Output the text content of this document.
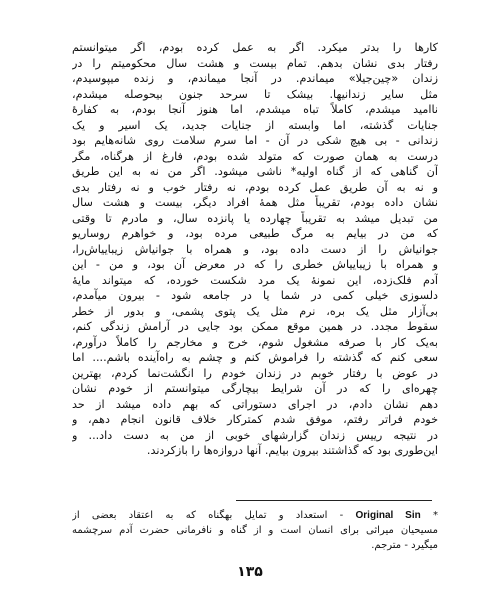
کارها را بدتر میکرد. اگر به عمل کرده بودم، اگر میتوانستم
رفتار بدی نشان بدهم. تمام بیست و هشت سال محکومیتم را در
زندان «چین‌جیلا» میماندم. در آنجا میماندم، و زنده میپوسیدم،
مثل سایر زندانیها. بیشک تا سرحد جنون بیحوصله میشدم،
ناامید میشدم، کاملاً تباه میشدم، اما هنوز آنجا بودم، به کفارهٔ
جنایات گذشته، اما وابسته از جنایات جدید، یک اسیر و یک
زندانی - بی هیچ شکی در آن - اما سرم سلامت روی شانه‌هایم بود
درست به همان صورت که متولد شده بودم، فارغ از هرگناه، مگر
آن گناهی که از گناه اولیه* ناشی میشود. اگر من نه به این طریق
و نه به آن طریق عمل کرده بودم، نه رفتار خوب و نه رفتار بدی
نشان داده بودم، تقریباً مثل همهٔ افراد دیگر، بیست و هشت سال
من تبدیل میشد به تقریباً چهارده یا پانزده سال، و مادرم تا وقتی
که من در بیایم به مرگ طبیعی مرده بود، و خواهرم روساریو
جوانیاش را از دست داده بود، و همراه با جوانیاش زیباییاش‌را،
و همراه با زیباییاش خطری را که در معرض آن بود، و من - این
آدم فلک‌زده، این نمونهٔ یک مرد شکست خورده، که میتواند مایهٔ
دلسوزی خیلی کمی در شما یا در جامعه شود - بیرون میآمدم،
بی‌آزار مثل یک بره، نرم مثل یک پتوی پشمی، و بدور از خطر
سقوط مجدد. در همین موقع ممکن بود جایی در آرامش زندگی کنم،
به‌یک کار با صرفه مشغول شوم، خرج و مخارجم را کاملاً درآورم،
سعی کنم که گذشته را فراموش کنم و چشم به راه‌آینده باشم.... اما
در عوض با رفتار خوبم در زندان خودم را انگشت‌نما کردم، بهترین
چهره‌ای را که در آن شرایط بیچارگی میتوانستم از خودم نشان
دهم نشان دادم، در اجرای دستوراتی که بهم داده میشد از حد
خودم فراتر رفتم، موفق شدم کمترکار خلاف قانون انجام دهم، و
در نتیجه رییس زندان گزارشهای خوبی از من به دست داد... و
این‌طوری بود که گذاشتند بیرون بیایم. آنها دروازه‌ها را بازکردند.
* Original Sin - استعداد و تمایل بهگناه که به اعتقاد بعضی از
مسیحیان میراثی برای انسان است و از گناه و نافرمانی حضرت آدم سرچشمه
میگیرد - مترجم.
۱۳۵
